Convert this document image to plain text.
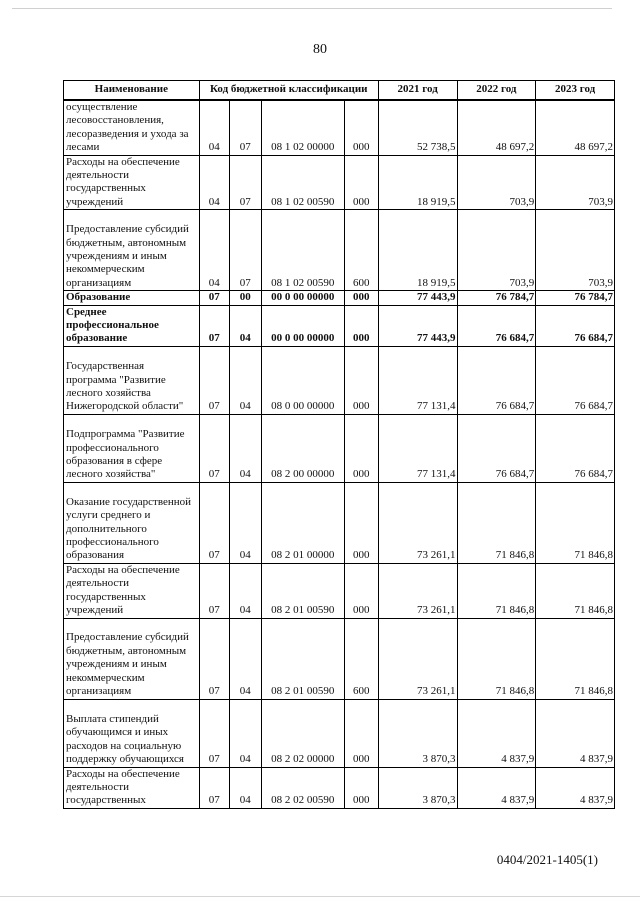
80
Наименование	Код бюджетной классификации				2021 год	2022 год	2023 год
осуществление лесовосстановления, лесоразведения и ухода за лесами	04	07	08 1 02 00000	000	52 738,5	48 697,2	48 697,2
Расходы на обеспечение деятельности государственных учреждений	04	07	08 1 02 00590	000	18 919,5	703,9	703,9
Предоставление субсидий бюджетным, автономным учреждениям и иным некоммерческим организациям	04	07	08 1 02 00590	600	18 919,5	703,9	703,9
Образование	07	00	00 0 00 00000	000	77 443,9	76 784,7	76 784,7
Среднее профессиональное образование	07	04	00 0 00 00000	000	77 443,9	76 684,7	76 684,7
Государственная программа "Развитие лесного хозяйства Нижегородской области"	07	04	08 0 00 00000	000	77 131,4	76 684,7	76 684,7
Подпрограмма "Развитие профессионального образования в сфере лесного хозяйства"	07	04	08 2 00 00000	000	77 131,4	76 684,7	76 684,7
Оказание государственной услуги среднего и дополнительного профессионального образования	07	04	08 2 01 00000	000	73 261,1	71 846,8	71 846,8
Расходы на обеспечение деятельности государственных учреждений	07	04	08 2 01 00590	000	73 261,1	71 846,8	71 846,8
Предоставление субсидий бюджетным, автономным учреждениям и иным некоммерческим организациям	07	04	08 2 01 00590	600	73 261,1	71 846,8	71 846,8
Выплата стипендий обучающимся и иных расходов на социальную поддержку обучающихся	07	04	08 2 02 00000	000	3 870,3	4 837,9	4 837,9
Расходы на обеспечение деятельности государственных	07	04	08 2 02 00590	000	3 870,3	4 837,9	4 837,9
0404/2021-1405(1)
